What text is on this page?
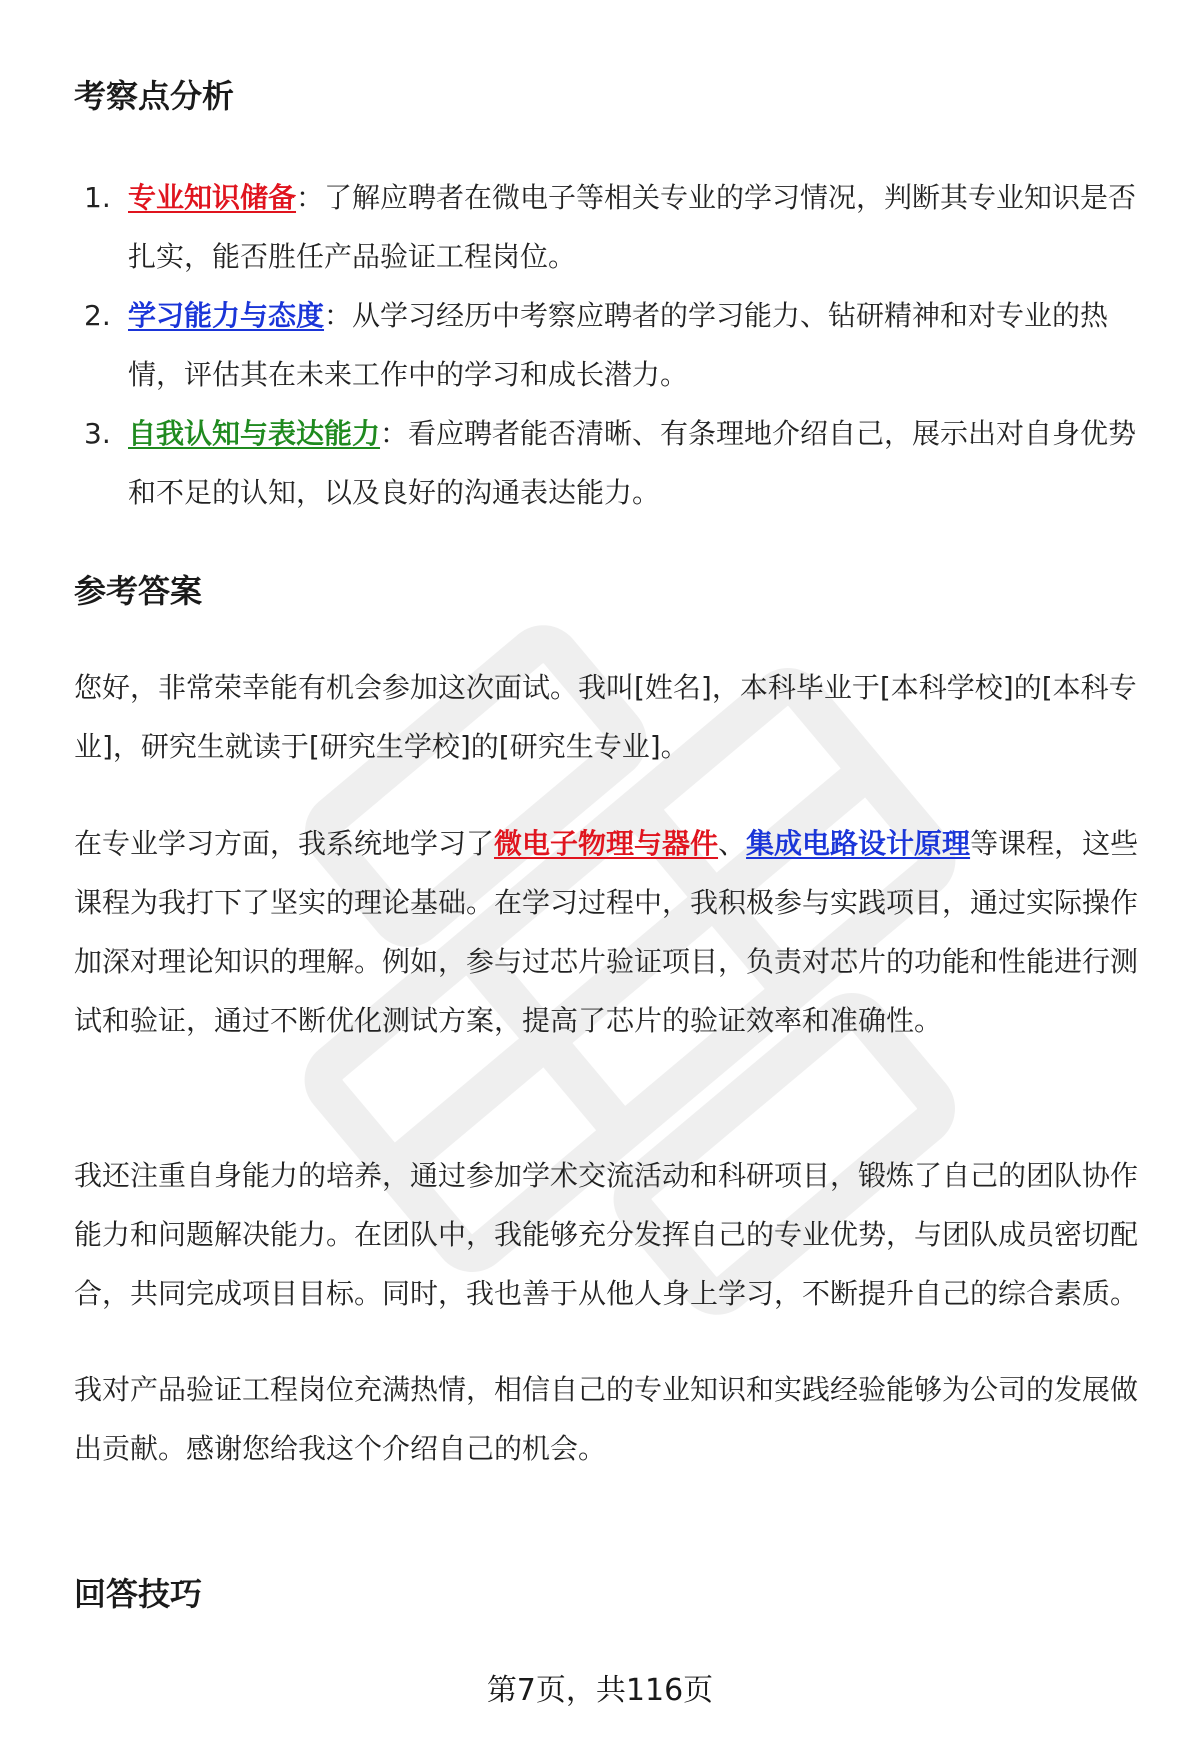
考察点分析
1. 专业知识储备：了解应聘者在微电子等相关专业的学习情况，判断其专业知识是否扎实，能否胜任产品验证工程岗位。
2. 学习能力与态度：从学习经历中考察应聘者的学习能力、钻研精神和对专业的热情，评估其在未来工作中的学习和成长潜力。
3. 自我认知与表达能力：看应聘者能否清晰、有条理地介绍自己，展示出对自身优势和不足的认知，以及良好的沟通表达能力。
参考答案

您好，非常荣幸能有机会参加这次面试。我叫[姓名]，本科毕业于[本科学校]的[本科专业]，研究生就读于[研究生学校]的[研究生专业]。

在专业学习方面，我系统地学习了微电子物理与器件、集成电路设计原理等课程，这些课程为我打下了坚实的理论基础。在学习过程中，我积极参与实践项目，通过实际操作加深对理论知识的理解。例如，参与过芯片验证项目，负责对芯片的功能和性能进行测试和验证，通过不断优化测试方案，提高了芯片的验证效率和准确性。

我还注重自身能力的培养，通过参加学术交流活动和科研项目，锻炼了自己的团队协作能力和问题解决能力。在团队中，我能够充分发挥自己的专业优势，与团队成员密切配合，共同完成项目目标。同时，我也善于从他人身上学习，不断提升自己的综合素质。

我对产品验证工程岗位充满热情，相信自己的专业知识和实践经验能够为公司的发展做出贡献。感谢您给我这个介绍自己的机会。

回答技巧
第7页，共116页
